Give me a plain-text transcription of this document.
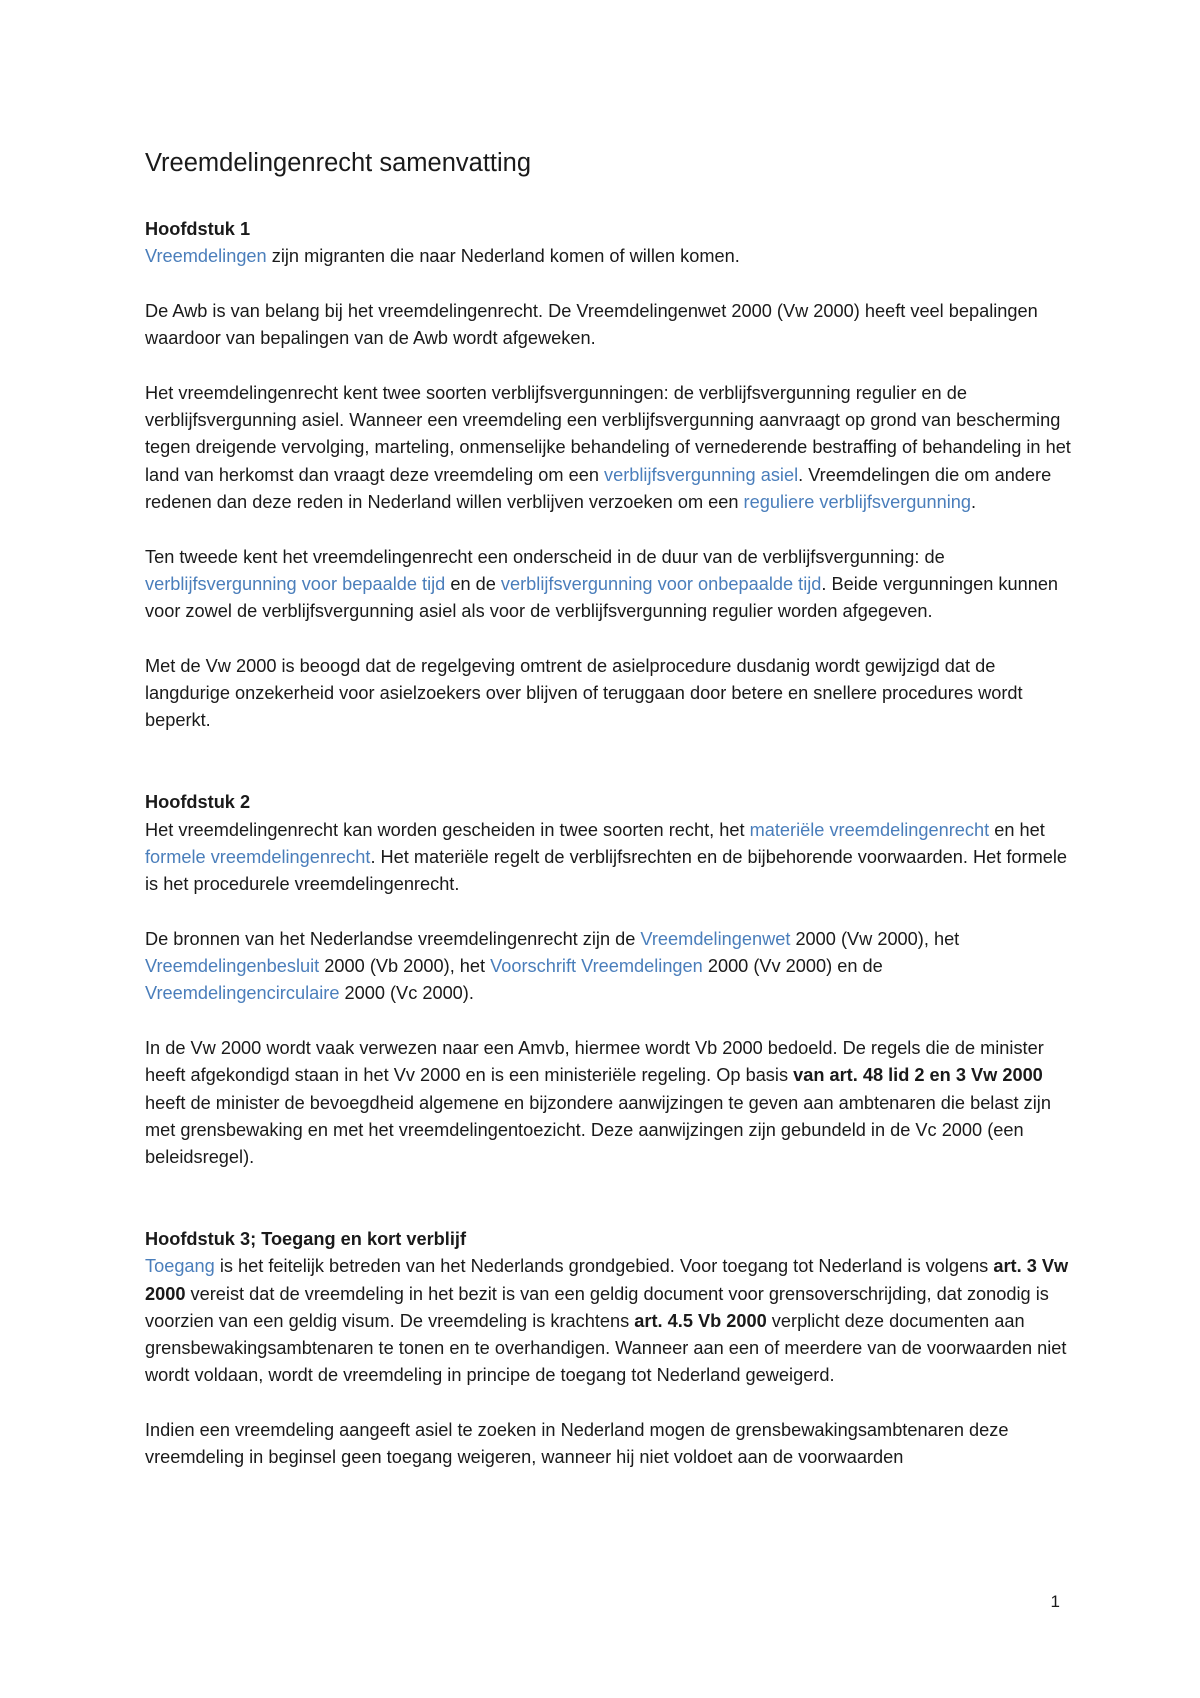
Vreemdelingenrecht samenvatting
Hoofdstuk 1

Vreemdelingen zijn migranten die naar Nederland komen of willen komen.

De Awb is van belang bij het vreemdelingenrecht. De Vreemdelingenwet 2000 (Vw 2000) heeft veel bepalingen waardoor van bepalingen van de Awb wordt afgeweken.

Het vreemdelingenrecht kent twee soorten verblijfsvergunningen: de verblijfsvergunning regulier en de verblijfsvergunning asiel. Wanneer een vreemdeling een verblijfsvergunning aanvraagt op grond van bescherming tegen dreigende vervolging, marteling, onmenselijke behandeling of vernederende bestraffing of behandeling in het land van herkomst dan vraagt deze vreemdeling om een verblijfsvergunning asiel. Vreemdelingen die om andere redenen dan deze reden in Nederland willen verblijven verzoeken om een reguliere verblijfsvergunning.

Ten tweede kent het vreemdelingenrecht een onderscheid in de duur van de verblijfsvergunning: de verblijfsvergunning voor bepaalde tijd en de verblijfsvergunning voor onbepaalde tijd. Beide vergunningen kunnen voor zowel de verblijfsvergunning asiel als voor de verblijfsvergunning regulier worden afgegeven.

Met de Vw 2000 is beoogd dat de regelgeving omtrent de asielprocedure dusdanig wordt gewijzigd dat de langdurige onzekerheid voor asielzoekers over blijven of teruggaan door betere en snellere procedures wordt beperkt.

Hoofdstuk 2

Het vreemdelingenrecht kan worden gescheiden in twee soorten recht, het materiële vreemdelingenrecht en het formele vreemdelingenrecht. Het materiële regelt de verblijfsrechten en de bijbehorende voorwaarden. Het formele is het procedurele vreemdelingenrecht.

De bronnen van het Nederlandse vreemdelingenrecht zijn de Vreemdelingenwet 2000 (Vw 2000), het Vreemdelingenbesluit 2000 (Vb 2000), het Voorschrift Vreemdelingen 2000 (Vv 2000) en de Vreemdelingencirculaire 2000 (Vc 2000).

In de Vw 2000 wordt vaak verwezen naar een Amvb, hiermee wordt Vb 2000 bedoeld. De regels die de minister heeft afgekondigd staan in het Vv 2000 en is een ministeriële regeling. Op basis van art. 48 lid 2 en 3 Vw 2000 heeft de minister de bevoegdheid algemene en bijzondere aanwijzingen te geven aan ambtenaren die belast zijn met grensbewaking en met het vreemdelingentoezicht. Deze aanwijzingen zijn gebundeld in de Vc 2000 (een beleidsregel).

Hoofdstuk 3; Toegang en kort verblijf

Toegang is het feitelijk betreden van het Nederlands grondgebied. Voor toegang tot Nederland is volgens art. 3 Vw 2000 vereist dat de vreemdeling in het bezit is van een geldig document voor grensoverschrijding, dat zonodig is voorzien van een geldig visum. De vreemdeling is krachtens art. 4.5 Vb 2000 verplicht deze documenten aan grensbewakingsambtenaren te tonen en te overhandigen. Wanneer aan een of meerdere van de voorwaarden niet wordt voldaan, wordt de vreemdeling in principe de toegang tot Nederland geweigerd.

Indien een vreemdeling aangeeft asiel te zoeken in Nederland mogen de grensbewakingsambtenaren deze vreemdeling in beginsel geen toegang weigeren, wanneer hij niet voldoet aan de voorwaarden

1
